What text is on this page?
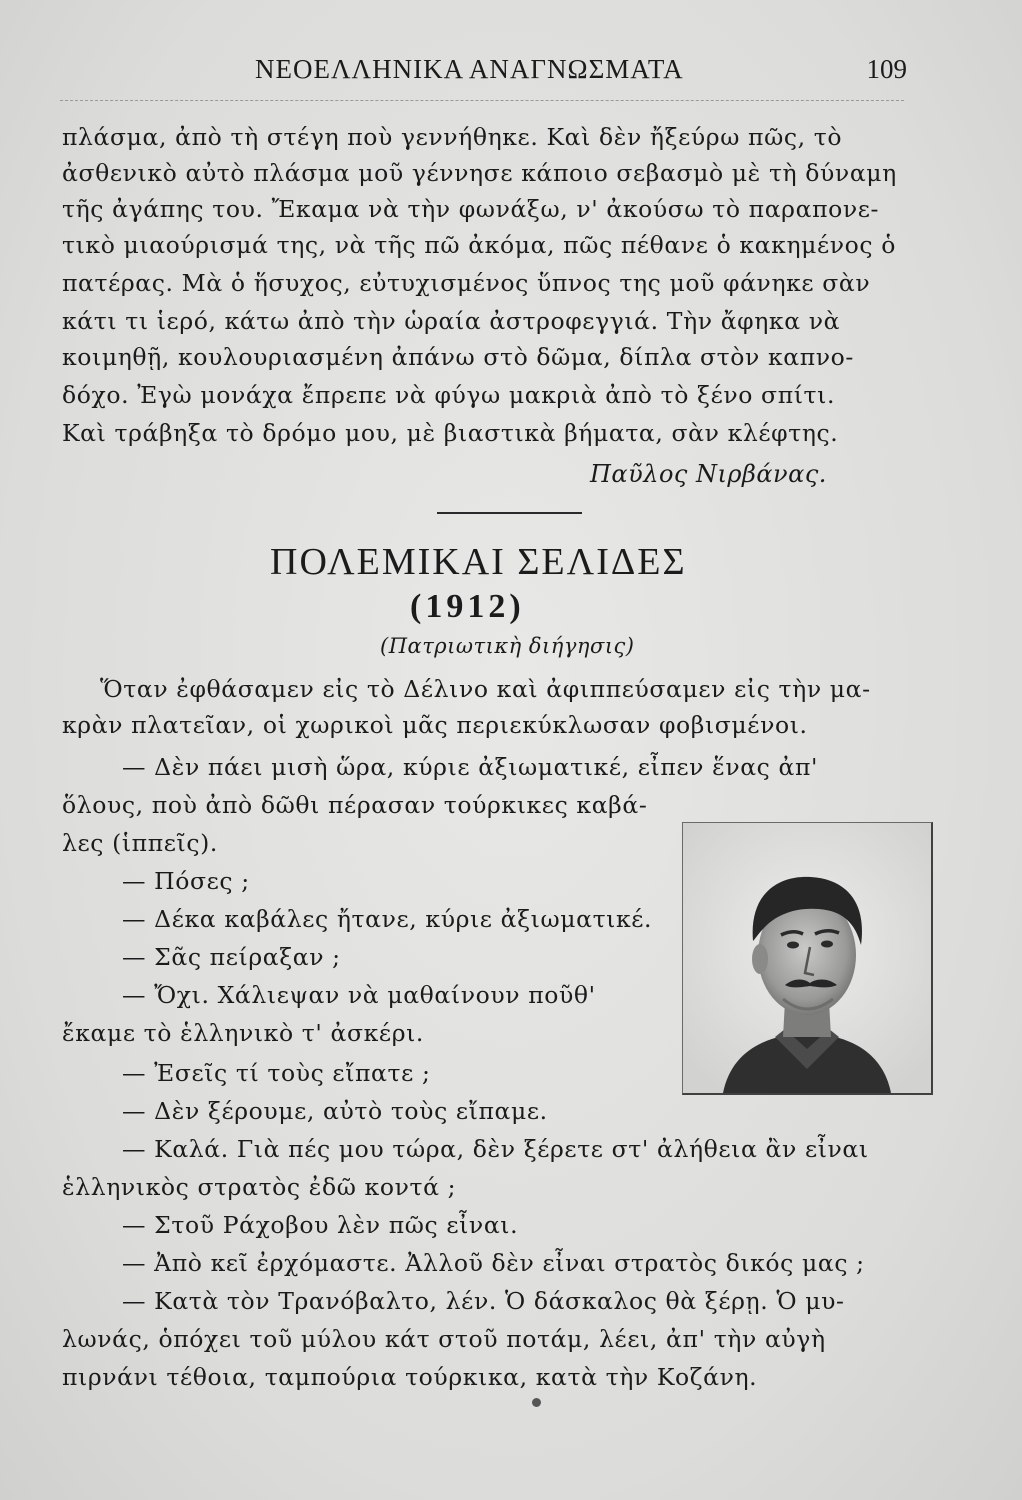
ΝΕΟΕΛΛΗΝΙΚΑ ΑΝΑΓΝΩΣΜΑΤΑ	109
πλάσμα, ἀπὸ τὴ στέγη ποὺ γεννήθηκε. Καὶ δὲν ἤξεύρω πῶς, τὸ
ἀσθενικὸ αὐτὸ πλάσμα μοῦ γέννησε κάποιο σεβασμὸ μὲ τὴ δύναμη
τῆς ἀγάπης του. Ἔκαμα νὰ τὴν φωνάξω, ν' ἀκούσω τὸ παραπονε-
τικὸ μιαούρισμά της, νὰ τῆς πῶ ἀκόμα, πῶς πέθανε ὁ κακημένος ὁ
πατέρας. Μὰ ὁ ἥσυχος, εὐτυχισμένος ὕπνος της μοῦ φάνηκε σὰν
κάτι τι ἱερό, κάτω ἀπὸ τὴν ὡραία ἀστροφεγγιά. Τὴν ἄφηκα νὰ
κοιμηθῇ, κουλουριασμένη ἀπάνω στὸ δῶμα, δίπλα στὸν καπνο-
δόχο. Ἐγὼ μονάχα ἔπρεπε νὰ φύγω μακριὰ ἀπὸ τὸ ξένο σπίτι.
Καὶ τράβηξα τὸ δρόμο μου, μὲ βιαστικὰ βήματα, σὰν κλέφτης.
Παῦλος Νιρβάνας.
ΠΟΛΕΜΙΚΑΙ ΣΕΛΙΔΕΣ
(1912)
(Πατριωτικὴ διήγησις)
Ὅταν ἐφθάσαμεν εἰς τὸ Δέλινο καὶ ἀφιππεύσαμεν εἰς τὴν μα-
κρὰν πλατεῖαν, οἱ χωρικοὶ μᾶς περιεκύκλωσαν φοβισμένοι.
— Δὲν πάει μισὴ ὥρα, κύριε ἀξιωματικέ, εἶπεν ἕνας ἀπ'
ὅλους, ποὺ ἀπὸ δῶθι πέρασαν τούρκικες καβά-
λες (ἱππεῖς).
— Πόσες ;
— Δέκα καβάλες ἤτανε, κύριε ἀξιωματικέ.
— Σᾶς πείραξαν ;
— Ὄχι. Χάλιεψαν νὰ μαθαίνουν ποῦθ'
ἔκαμε τὸ ἑλληνικὸ τ' ἀσκέρι.
— Ἐσεῖς τί τοὺς εἴπατε ;
— Δὲν ξέρουμε, αὐτὸ τοὺς εἴπαμε.
— Καλά. Γιὰ πές μου τώρα, δὲν ξέρετε στ' ἀλήθεια ἂν εἶναι
ἑλληνικὸς στρατὸς ἐδῶ κοντά ;
— Στοῦ Ράχοβου λὲν πῶς εἶναι.
— Ἀπὸ κεῖ ἐρχόμαστε. Ἀλλοῦ δὲν εἶναι στρατὸς δικός μας ;
— Κατὰ τὸν Τρανόβαλτο, λέν. Ὁ δάσκαλος θὰ ξέρῃ. Ὁ μυ-
λωνάς, ὁπόχει τοῦ μύλου κάτ στοῦ ποτάμ, λέει, ἀπ' τὴν αὐγὴ
πιρνάνι τέθοια, ταμπούρια τούρκικα, κατὰ τὴν Κοζάνη.
